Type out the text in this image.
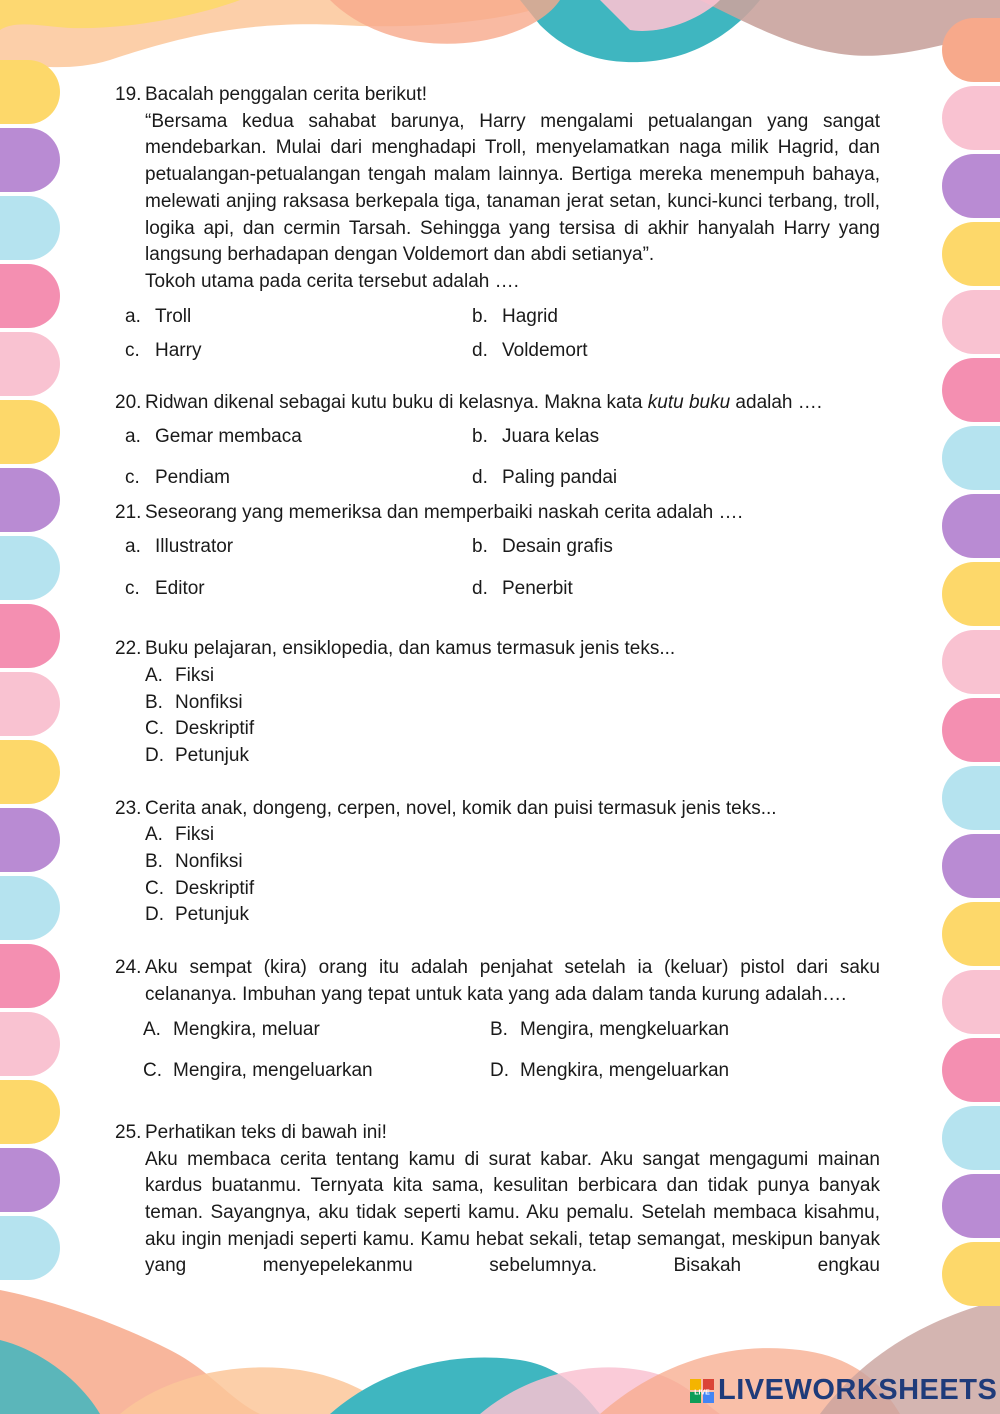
19. Bacalah penggalan cerita berikut!
“Bersama kedua sahabat barunya, Harry mengalami petualangan yang sangat mendebarkan. Mulai dari menghadapi Troll, menyelamatkan naga milik Hagrid, dan petualangan-petualangan tengah malam lainnya. Bertiga mereka menempuh bahaya, melewati anjing raksasa berkepala tiga, tanaman jerat setan, kunci-kunci terbang, troll, logika api, dan cermin Tarsah. Sehingga yang tersisa di akhir hanyalah Harry yang langsung berhadapan dengan Voldemort dan abdi setianya”.
Tokoh utama pada cerita tersebut adalah ….
a. Troll	b. Hagrid
c. Harry	d. Voldemort
20. Ridwan dikenal sebagai kutu buku di kelasnya. Makna kata kutu buku adalah ….
a. Gemar membaca	b. Juara kelas
c. Pendiam	d. Paling pandai
21. Seseorang yang memeriksa dan memperbaiki naskah cerita adalah ….
a. Illustrator	b. Desain grafis
c. Editor	d. Penerbit
22. Buku pelajaran, ensiklopedia, dan kamus termasuk jenis teks...
A. Fiksi
B. Nonfiksi
C. Deskriptif
D. Petunjuk
23. Cerita anak, dongeng, cerpen, novel, komik dan puisi termasuk jenis teks...
A. Fiksi
B. Nonfiksi
C. Deskriptif
D. Petunjuk
24. Aku sempat (kira) orang itu adalah penjahat setelah ia (keluar) pistol dari saku celananya. Imbuhan yang tepat untuk kata yang ada dalam tanda kurung adalah….
A. Mengkira, meluar	B. Mengira, mengkeluarkan
C. Mengira, mengeluarkan	D. Mengkira, mengeluarkan
25. Perhatikan teks di bawah ini!
Aku membaca cerita tentang kamu di surat kabar. Aku sangat mengagumi mainan kardus buatanmu. Ternyata kita sama, kesulitan berbicara dan tidak punya banyak teman. Sayangnya, aku tidak seperti kamu. Aku pemalu. Setelah membaca kisahmu, aku ingin menjadi seperti kamu. Kamu hebat sekali, tetap semangat, meskipun banyak yang menyepelekanmu sebelumnya. Bisakah engkau
LIVE LIVEWORKSHEETS
